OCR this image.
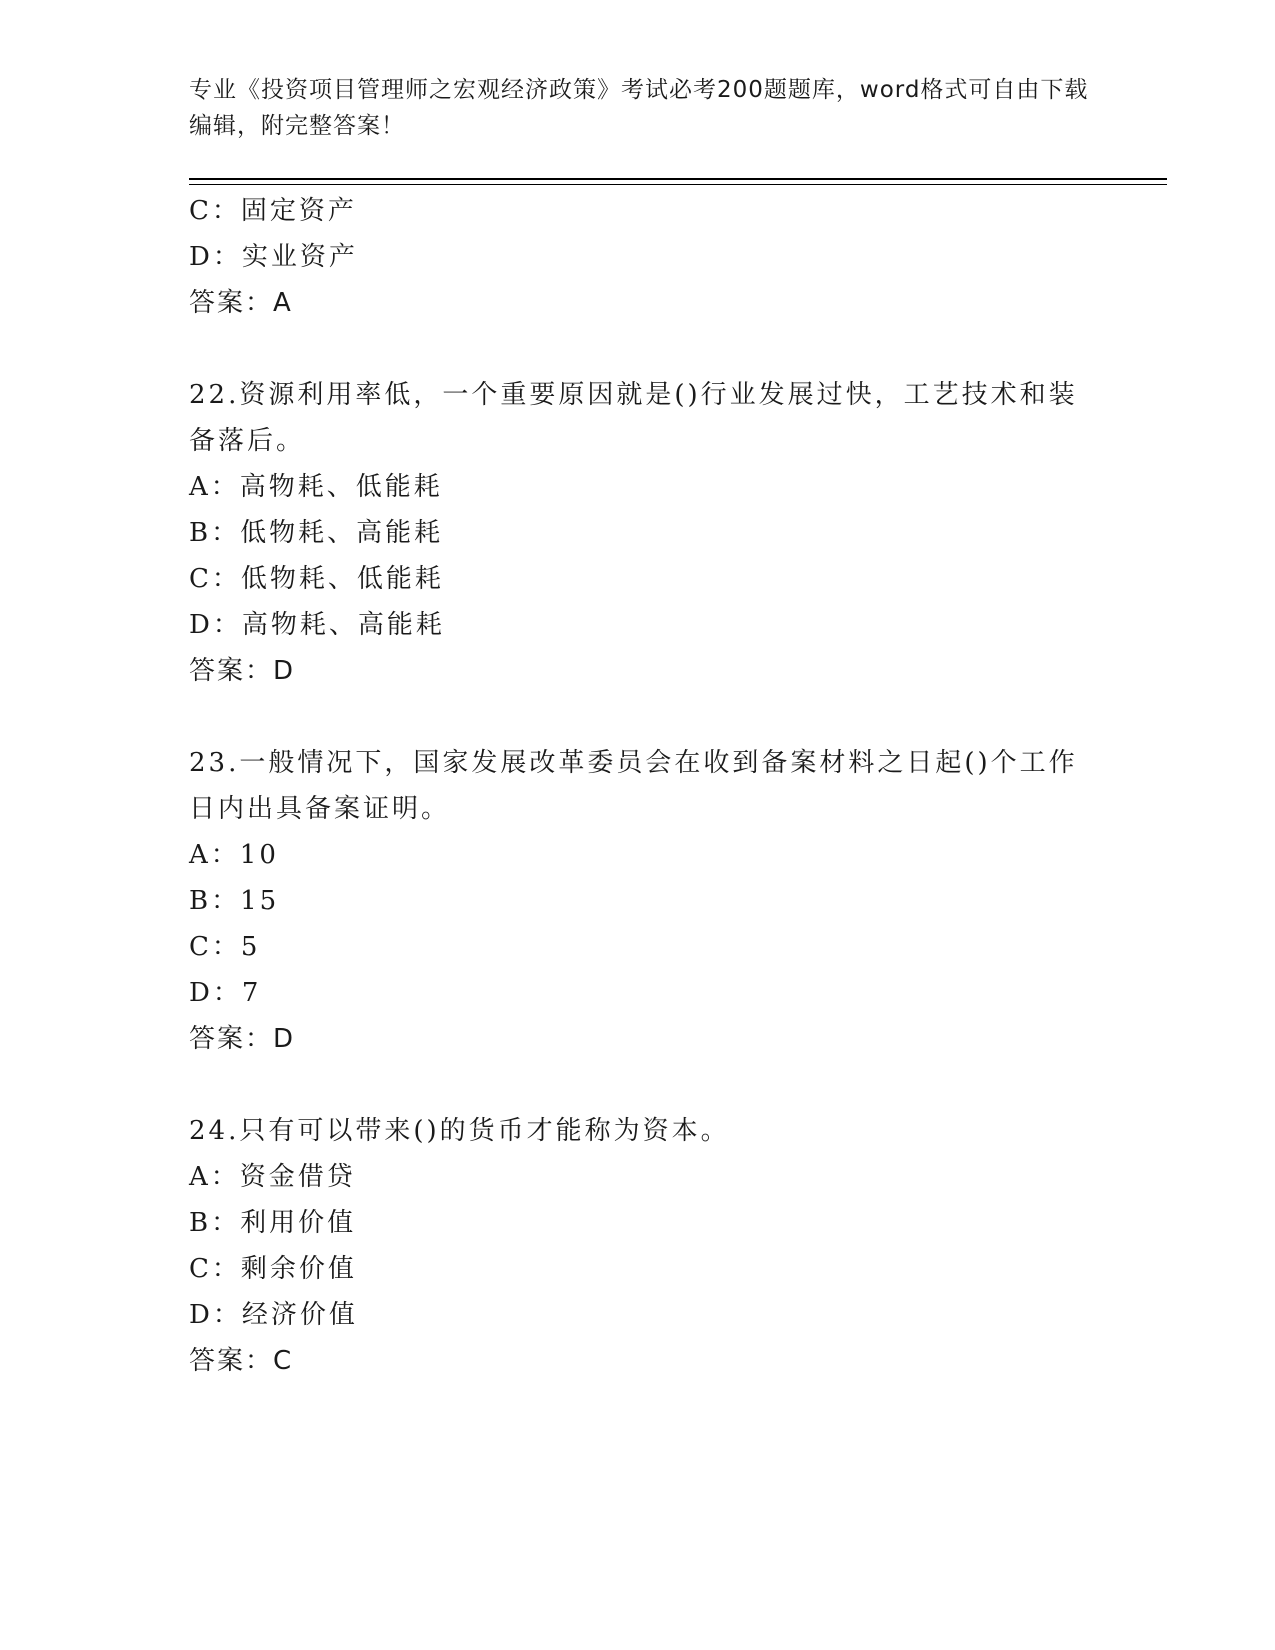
专业《投资项目管理师之宏观经济政策》考试必考200题题库，word格式可自由下载编辑，附完整答案！
C：固定资产
D：实业资产
答案：A
22.资源利用率低，一个重要原因就是()行业发展过快，工艺技术和装备落后。
A：高物耗、低能耗
B：低物耗、高能耗
C：低物耗、低能耗
D：高物耗、高能耗
答案：D
23.一般情况下，国家发展改革委员会在收到备案材料之日起()个工作日内出具备案证明。
A：10
B：15
C：5
D：7
答案：D
24.只有可以带来()的货币才能称为资本。
A：资金借贷
B：利用价值
C：剩余价值
D：经济价值
答案：C
